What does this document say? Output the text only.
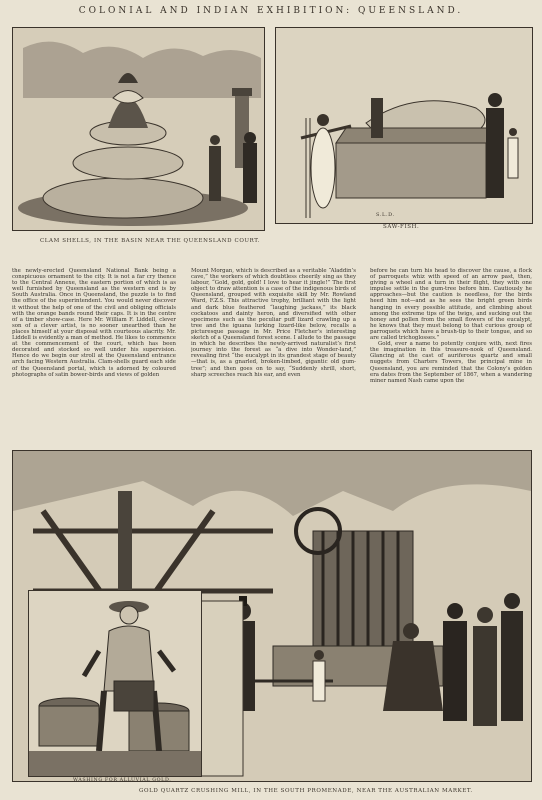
COLONIAL AND INDIAN EXHIBITION: QUEENSLAND.
CLAM SHELLS, IN THE BASIN NEAR THE QUEENSLAND COURT.
S.L.D.
SAW-FISH.

the newly-erected Queensland National Bank being a conspicuous ornament to the city. It is not a far cry thence to the Central Annexe, the eastern portion of which is as well furnished by Queensland as the western end is by South Australia. Once in Queensland, the puzzle is to find the office of the superintendent. You would never discover it without the help of one of the civil and obliging officials with the orange bands round their caps. It is in the centre of a timber show-case. Here Mr. William F. Liddell, clever son of a clever artist, is no sooner unearthed than he places himself at your disposal with courteous alacrity. Mr. Liddell is evidently a man of method. He likes to commence at the commencement of the court, which has been decorated and stocked so well under his supervision. Hence do we begin our stroll at the Queensland entrance arch facing Western Australia. Clam-shells guard each side of the Queensland portal, which is adorned by coloured photographs of satin bower-birds and views of golden

Mount Morgan, which is described as a veritable “Aladdin’s cave,” the workers of which doubtless cheerily sing as they labour, “Gold, gold, gold! I love to hear it jingle!” The first object to draw attention is a case of the indigenous birds of Queensland, grouped with exquisite skill by Mr. Rowland Ward, F.Z.S. This attractive trophy, brilliant with the light and dark blue feathered “laughing jackass,” its black cockatoos and dainty heron, and diversified with other specimens such as the peculiar puff lizard crawling up a tree and the iguana lurking lizard-like below, recalls a picturesque passage in Mr. Price Fletcher’s interesting sketch of a Queensland forest scene. I allude to the passage in which he describes the newly-arrived naturalist’s first journey into the forest as “a dive into Wonder-land,” revealing first “the eucalypt in its grandest stage of beauty—that is, as a gnarled, broken-limbed, gigantic old gum-tree”; and then goes on to say, “Suddenly shrill, short, sharp screeches reach his ear, and even

before he can turn his head to discover the cause, a flock of parroquets whiz with speed of an arrow past, then, giving a wheel and a turn in their flight, they with one impulse settle in the gum-tree before him. Cautiously he approaches—but the caution is needless, for the birds heed him not—and as he sees the bright green birds hanging in every possible attitude, and climbing about among the extreme tips of the twigs, and sucking out the honey and pollen from the small flowers of the eucalypt, he knows that they must belong to that curious group of parroquets which have a brush-tip to their tongue, and so are called trichoglosses.”

Gold, ever a name to potently conjure with, next fires the imagination in this treasure-nook of Queensland. Glancing at the cast of auriferous quartz and small nuggets from Charters Towers, the principal mine in Queensland, you are reminded that the Colony’s golden era dates from the September of 1867, when a wandering miner named Nash came upon the

WASHING FOR ALLUVIAL GOLD.
GOLD QUARTZ CRUSHING MILL, IN THE SOUTH PROMENADE, NEAR THE AUSTRALIAN MARKET.
